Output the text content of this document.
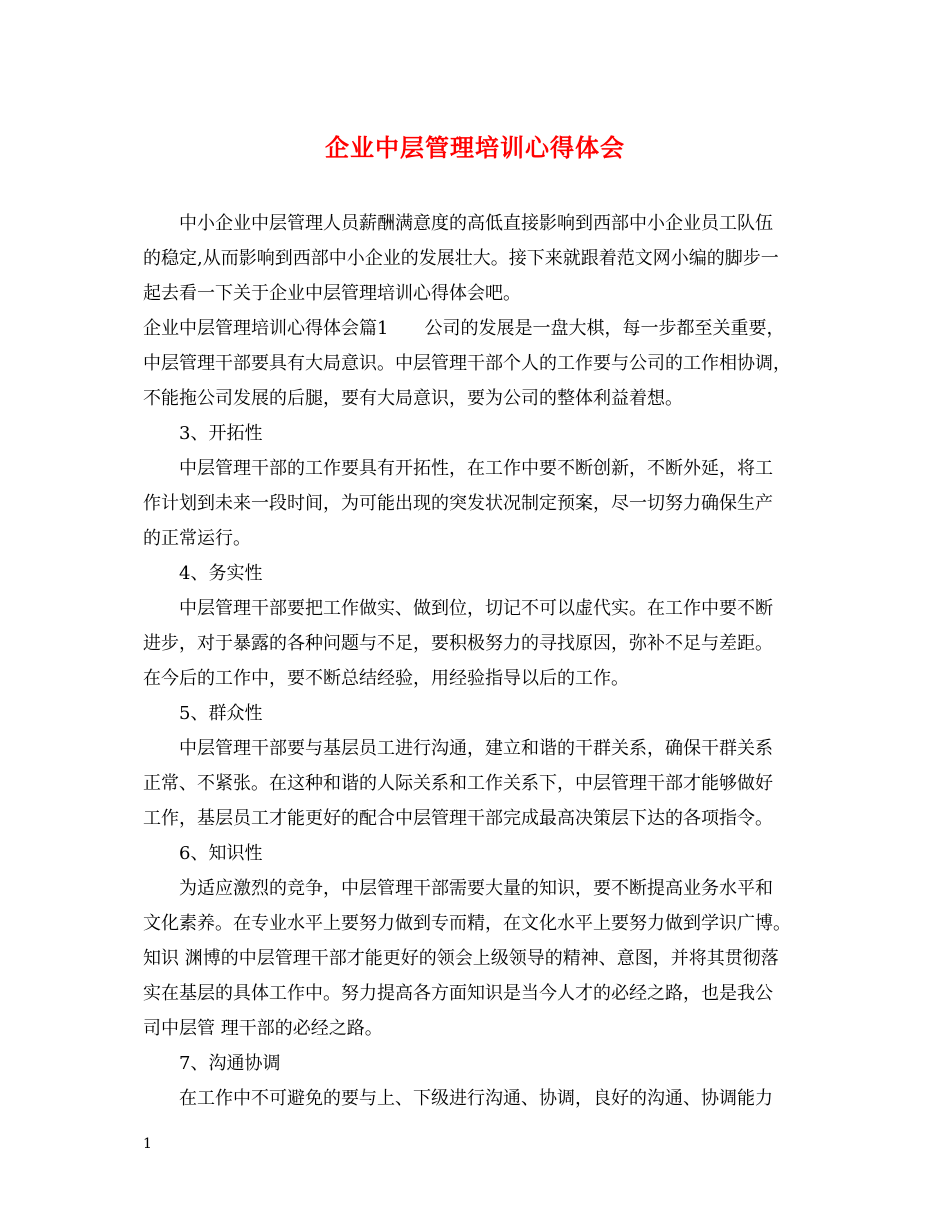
企业中层管理培训心得体会
中小企业中层管理人员薪酬满意度的高低直接影响到西部中小企业员工队伍
的稳定,从而影响到西部中小企业的发展壮大。接下来就跟着范文网小编的脚步一
起去看一下关于企业中层管理培训心得体会吧。
企业中层管理培训心得体会篇1　　公司的发展是一盘大棋，每一步都至关重要，
中层管理干部要具有大局意识。中层管理干部个人的工作要与公司的工作相协调，
不能拖公司发展的后腿，要有大局意识，要为公司的整体利益着想。
3、开拓性
中层管理干部的工作要具有开拓性，在工作中要不断创新，不断外延，将工
作计划到未来一段时间，为可能出现的突发状况制定预案，尽一切努力确保生产
的正常运行。
4、务实性
中层管理干部要把工作做实、做到位，切记不可以虚代实。在工作中要不断
进步，对于暴露的各种问题与不足，要积极努力的寻找原因，弥补不足与差距。
在今后的工作中，要不断总结经验，用经验指导以后的工作。
5、群众性
中层管理干部要与基层员工进行沟通，建立和谐的干群关系，确保干群关系
正常、不紧张。在这种和谐的人际关系和工作关系下，中层管理干部才能够做好
工作，基层员工才能更好的配合中层管理干部完成最高决策层下达的各项指令。
6、知识性
为适应激烈的竞争，中层管理干部需要大量的知识，要不断提高业务水平和
文化素养。在专业水平上要努力做到专而精，在文化水平上要努力做到学识广博。
知识 渊博的中层管理干部才能更好的领会上级领导的精神、意图，并将其贯彻落
实在基层的具体工作中。努力提高各方面知识是当今人才的必经之路，也是我公
司中层管 理干部的必经之路。
7、沟通协调
在工作中不可避免的要与上、下级进行沟通、协调，良好的沟通、协调能力
1
